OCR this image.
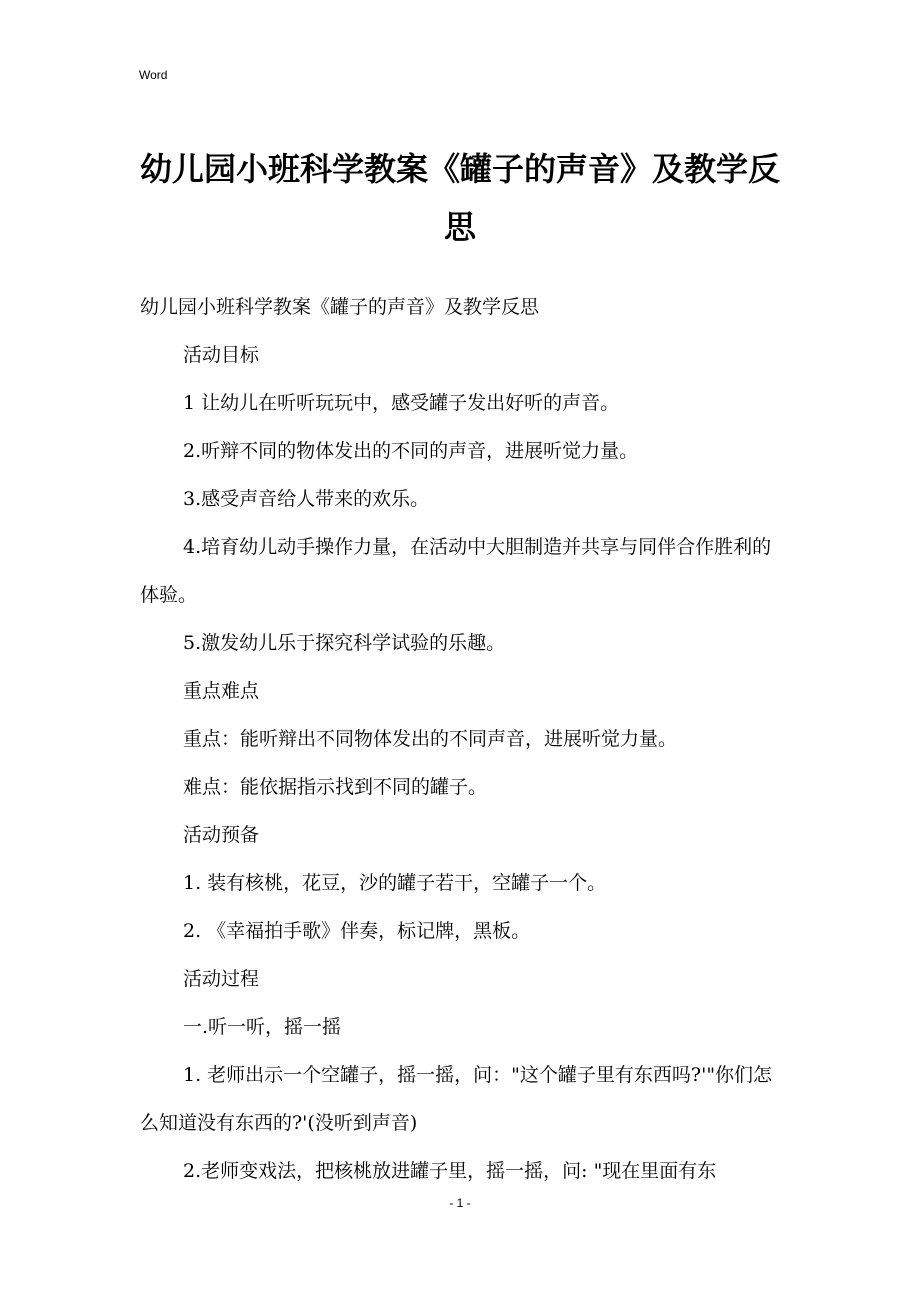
Word
幼儿园小班科学教案《罐子的声音》及教学反思

幼儿园小班科学教案《罐子的声音》及教学反思

活动目标

1 让幼儿在听听玩玩中，感受罐子发出好听的声音。

2.听辩不同的物体发出的不同的声音，进展听觉力量。

3.感受声音给人带来的欢乐。

4.培育幼儿动手操作力量，在活动中大胆制造并共享与同伴合作胜利的体验。

5.激发幼儿乐于探究科学试验的乐趣。

重点难点

重点：能听辩出不同物体发出的不同声音，进展听觉力量。

难点：能依据指示找到不同的罐子。

活动预备

1. 装有核桃，花豆，沙的罐子若干，空罐子一个。

2. 《幸福拍手歌》伴奏，标记牌，黑板。

活动过程

一.听一听，摇一摇

1. 老师出示一个空罐子，摇一摇，问："这个罐子里有东西吗?'"你们怎么知道没有东西的?'(没听到声音)

2.老师变戏法，把核桃放进罐子里，摇一摇，问: "现在里面有东

- 1 -
